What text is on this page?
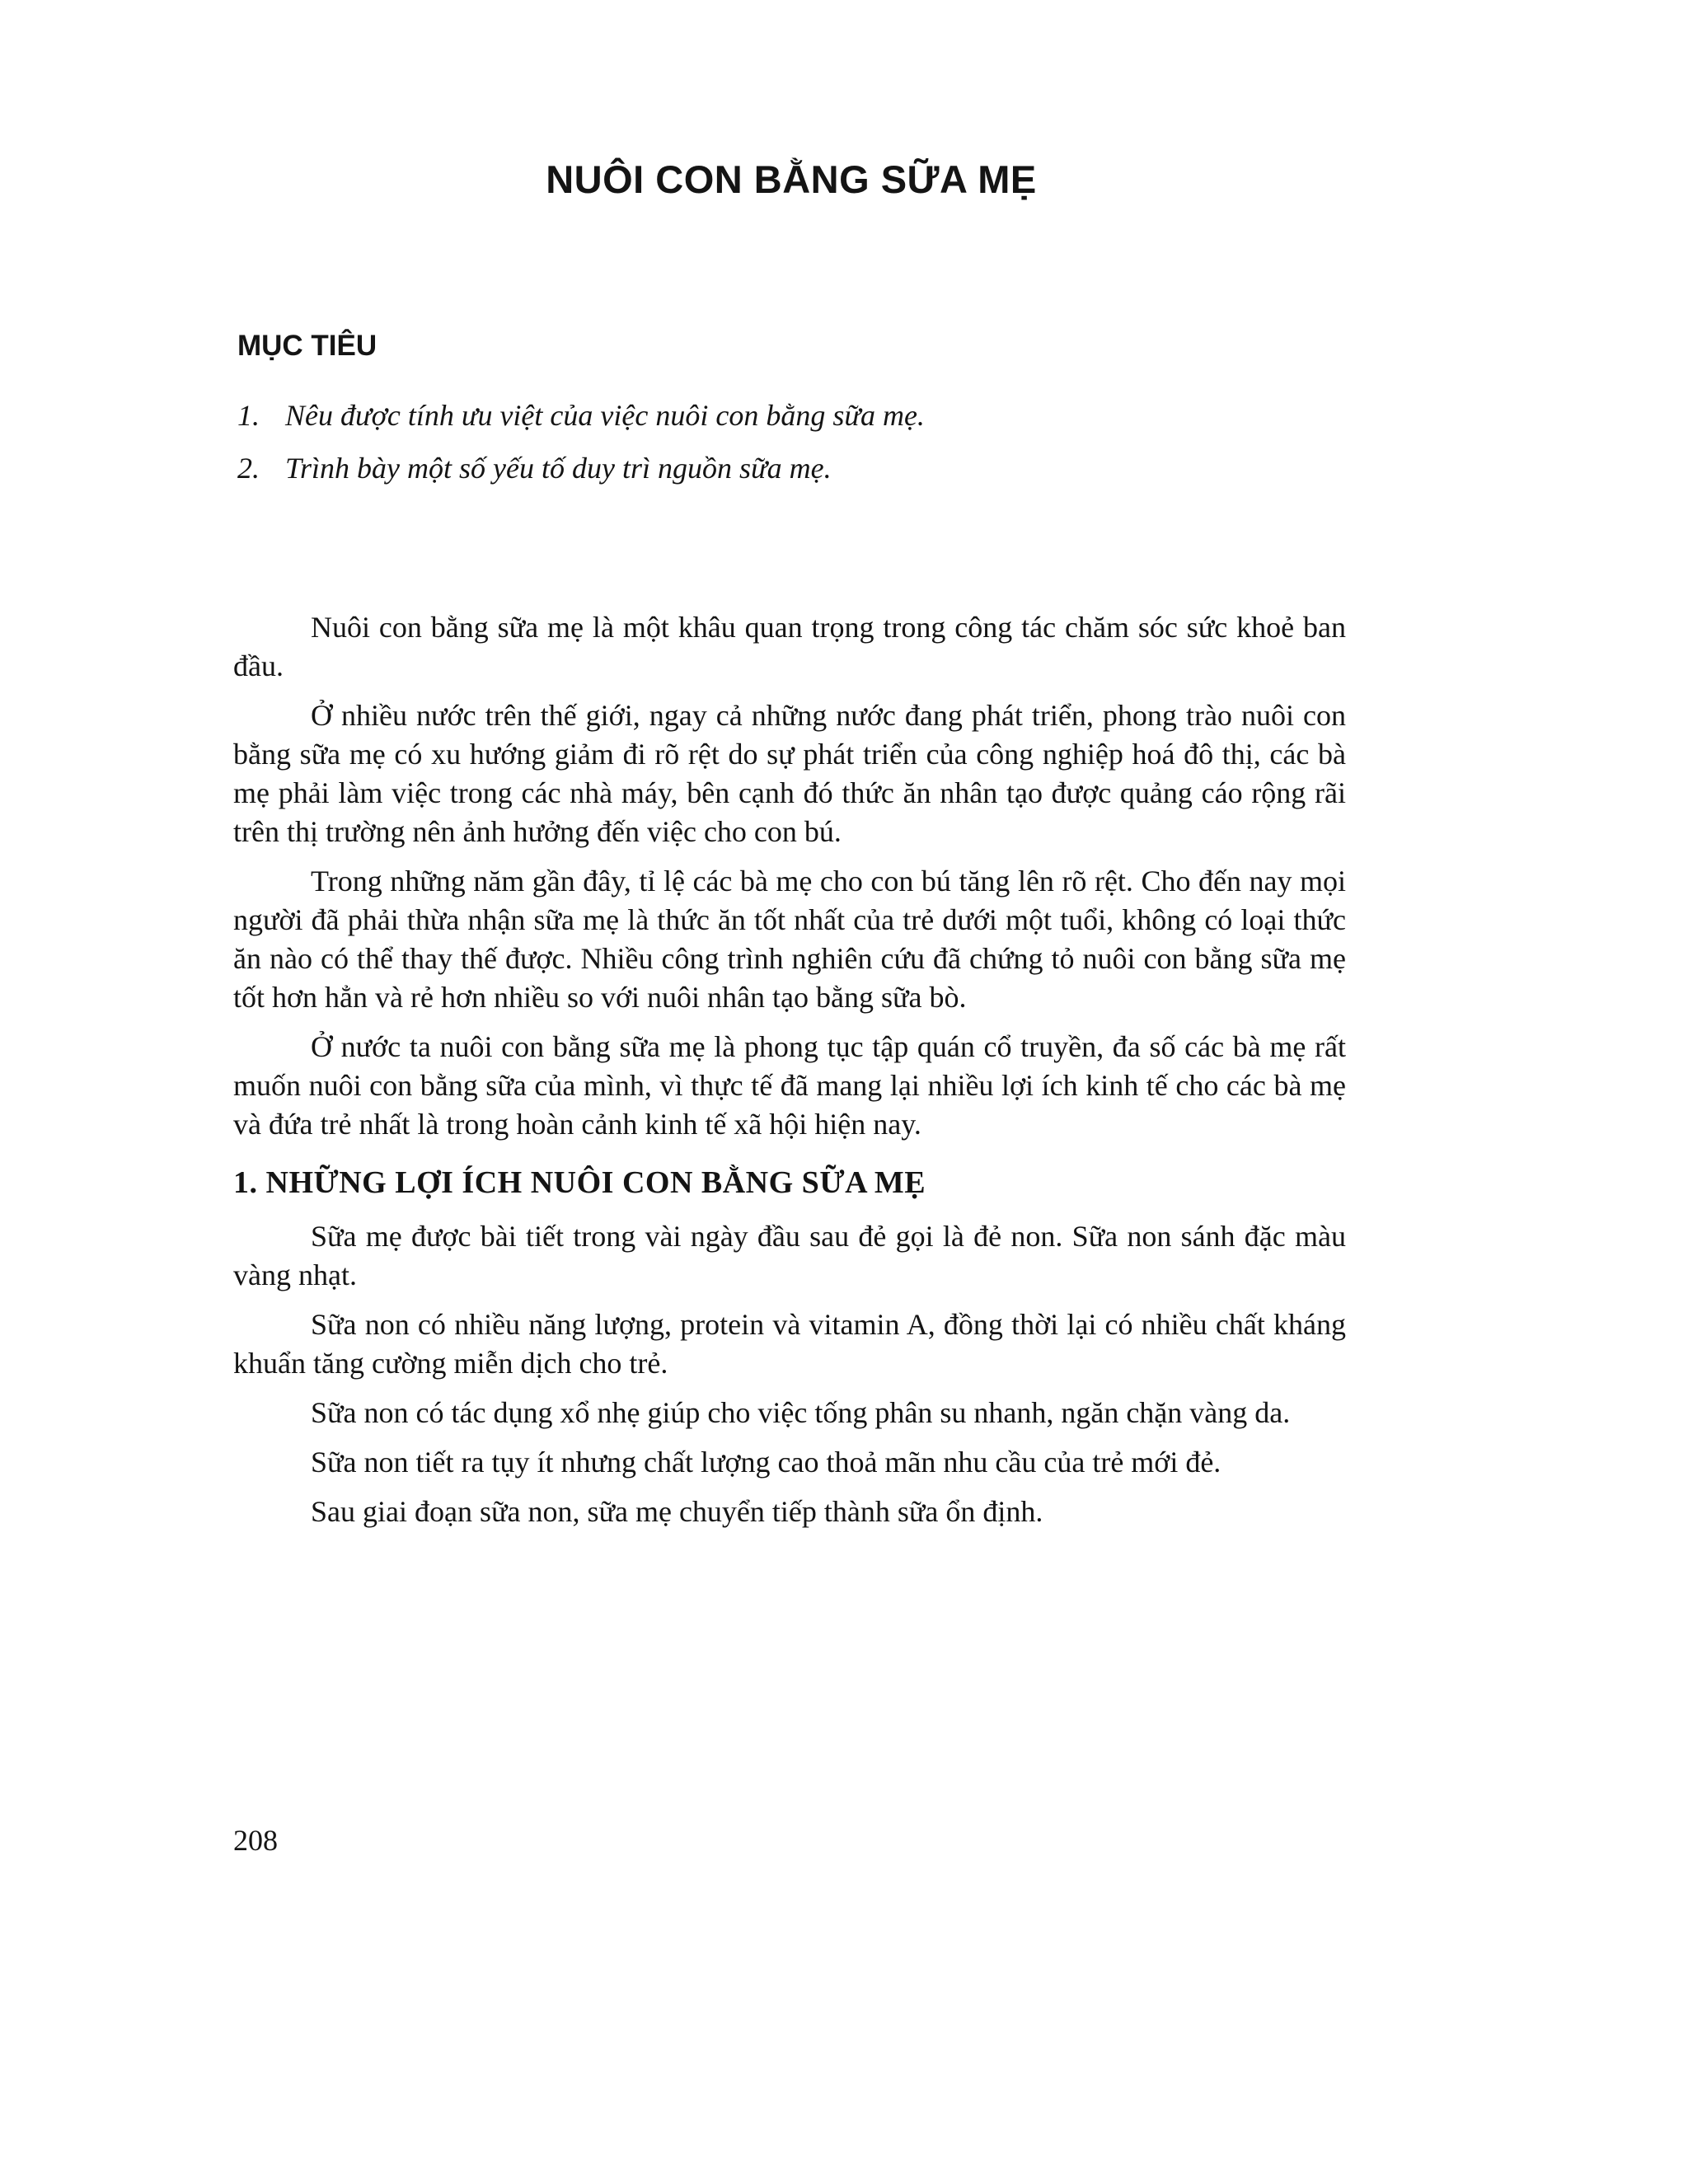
NUÔI CON BẰNG SỮA MẸ
MỤC TIÊU
1. Nêu được tính ưu việt của việc nuôi con bằng sữa mẹ.
2. Trình bày một số yếu tố duy trì nguồn sữa mẹ.

Nuôi con bằng sữa mẹ là một khâu quan trọng trong công tác chăm sóc sức khoẻ ban đầu.

Ở nhiều nước trên thế giới, ngay cả những nước đang phát triển, phong trào nuôi con bằng sữa mẹ có xu hướng giảm đi rõ rệt do sự phát triển của công nghiệp hoá đô thị, các bà mẹ phải làm việc trong các nhà máy, bên cạnh đó thức ăn nhân tạo được quảng cáo rộng rãi trên thị trường nên ảnh hưởng đến việc cho con bú.

Trong những năm gần đây, tỉ lệ các bà mẹ cho con bú tăng lên rõ rệt. Cho đến nay mọi người đã phải thừa nhận sữa mẹ là thức ăn tốt nhất của trẻ dưới một tuổi, không có loại thức ăn nào có thể thay thế được. Nhiều công trình nghiên cứu đã chứng tỏ nuôi con bằng sữa mẹ tốt hơn hẳn và rẻ hơn nhiều so với nuôi nhân tạo bằng sữa bò.

Ở nước ta nuôi con bằng sữa mẹ là phong tục tập quán cổ truyền, đa số các bà mẹ rất muốn nuôi con bằng sữa của mình, vì thực tế đã mang lại nhiều lợi ích kinh tế cho các bà mẹ và đứa trẻ nhất là trong hoàn cảnh kinh tế xã hội hiện nay.

1. NHỮNG LỢI ÍCH NUÔI CON BẰNG SỮA MẸ

Sữa mẹ được bài tiết trong vài ngày đầu sau đẻ gọi là đẻ non. Sữa non sánh đặc màu vàng nhạt.

Sữa non có nhiều năng lượng, protein và vitamin A, đồng thời lại có nhiều chất kháng khuẩn tăng cường miễn dịch cho trẻ.

Sữa non có tác dụng xổ nhẹ giúp cho việc tống phân su nhanh, ngăn chặn vàng da.

Sữa non tiết ra tụy ít nhưng chất lượng cao thoả mãn nhu cầu của trẻ mới đẻ.

Sau giai đoạn sữa non, sữa mẹ chuyển tiếp thành sữa ổn định.

208
